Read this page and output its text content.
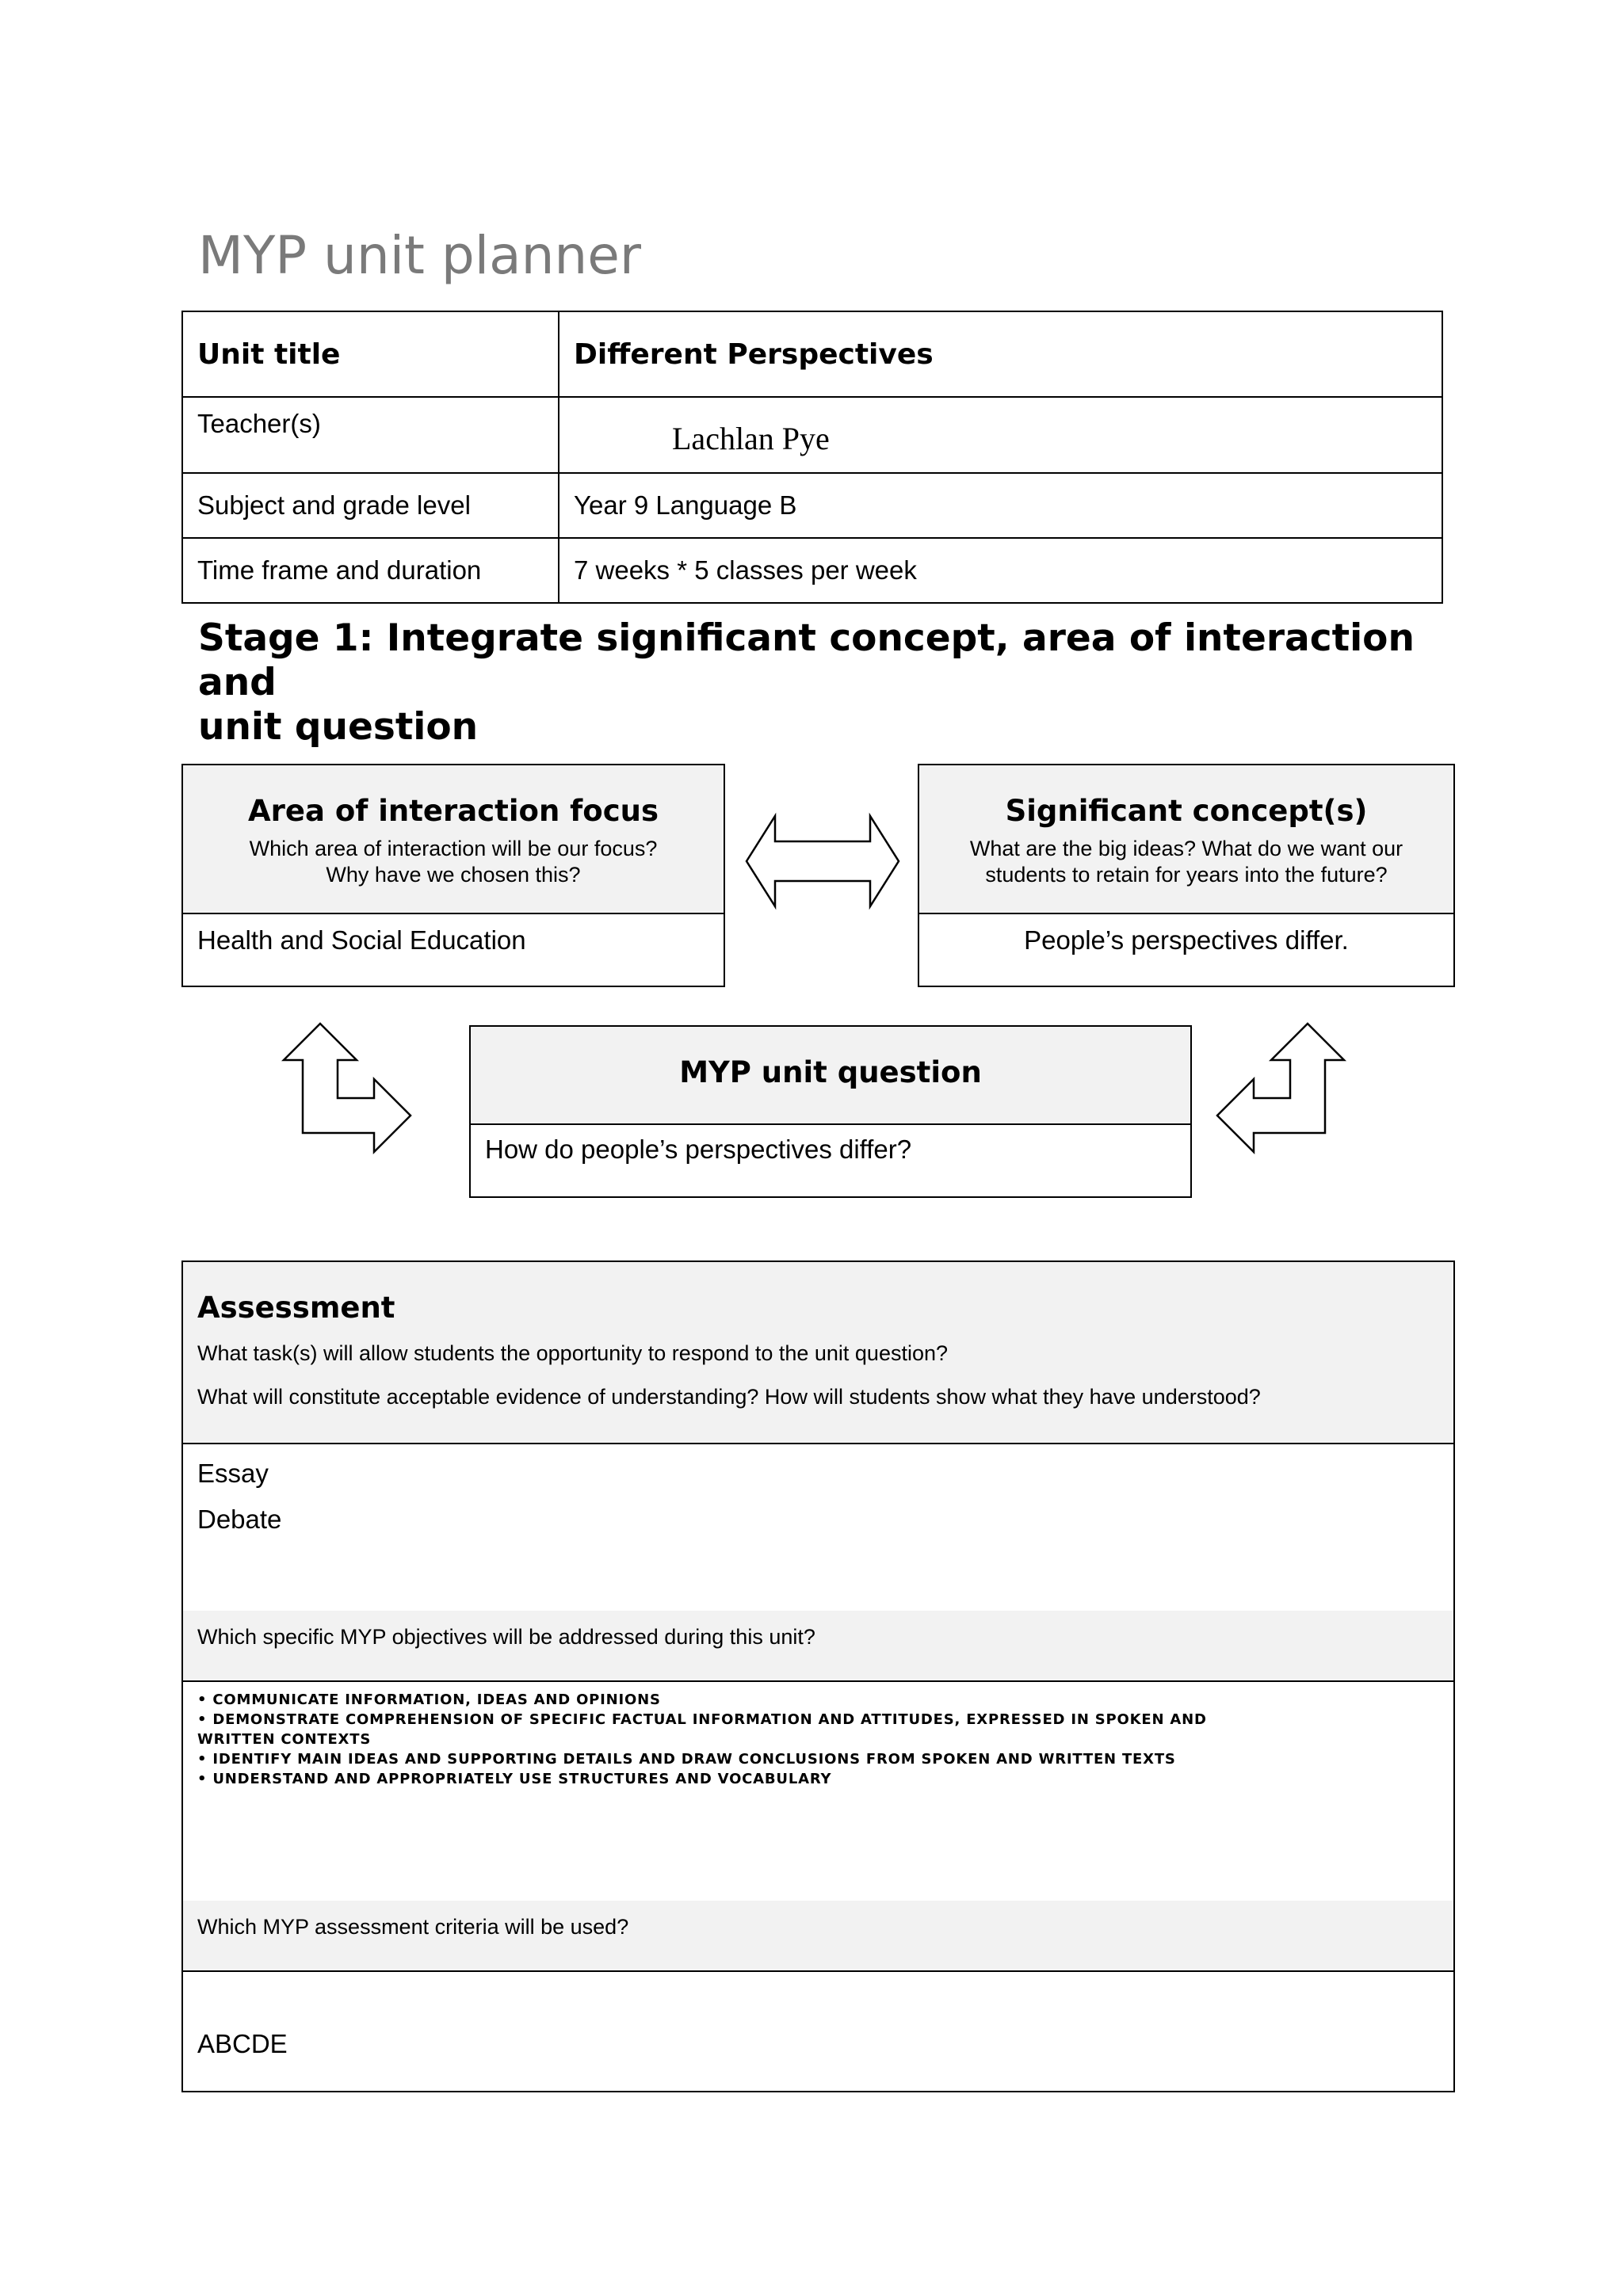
MYP unit planner
Unit title	Different Perspectives
Teacher(s)	Lachlan Pye
Subject and grade level	Year 9 Language B
Time frame and duration	7 weeks * 5 classes per week
Stage 1: Integrate significant concept, area of interaction and
unit question
Area of interaction focus
Which area of interaction will be our focus?
Why have we chosen this?
Health and Social Education
Significant concept(s)
What are the big ideas? What do we want our
students to retain for years into the future?
People’s perspectives differ.
MYP unit question
How do people’s perspectives differ?
Assessment
What task(s) will allow students the opportunity to respond to the unit question?
What will constitute acceptable evidence of understanding? How will students show what they have understood?
Essay
Debate
Which specific MYP objectives will be addressed during this unit?
• COMMUNICATE INFORMATION, IDEAS AND OPINIONS
• DEMONSTRATE COMPREHENSION OF SPECIFIC FACTUAL INFORMATION AND ATTITUDES, EXPRESSED IN SPOKEN AND
WRITTEN CONTEXTS
• IDENTIFY MAIN IDEAS AND SUPPORTING DETAILS AND DRAW CONCLUSIONS FROM SPOKEN AND WRITTEN TEXTS
• UNDERSTAND AND APPROPRIATELY USE STRUCTURES AND VOCABULARY
Which MYP assessment criteria will be used?
ABCDE
